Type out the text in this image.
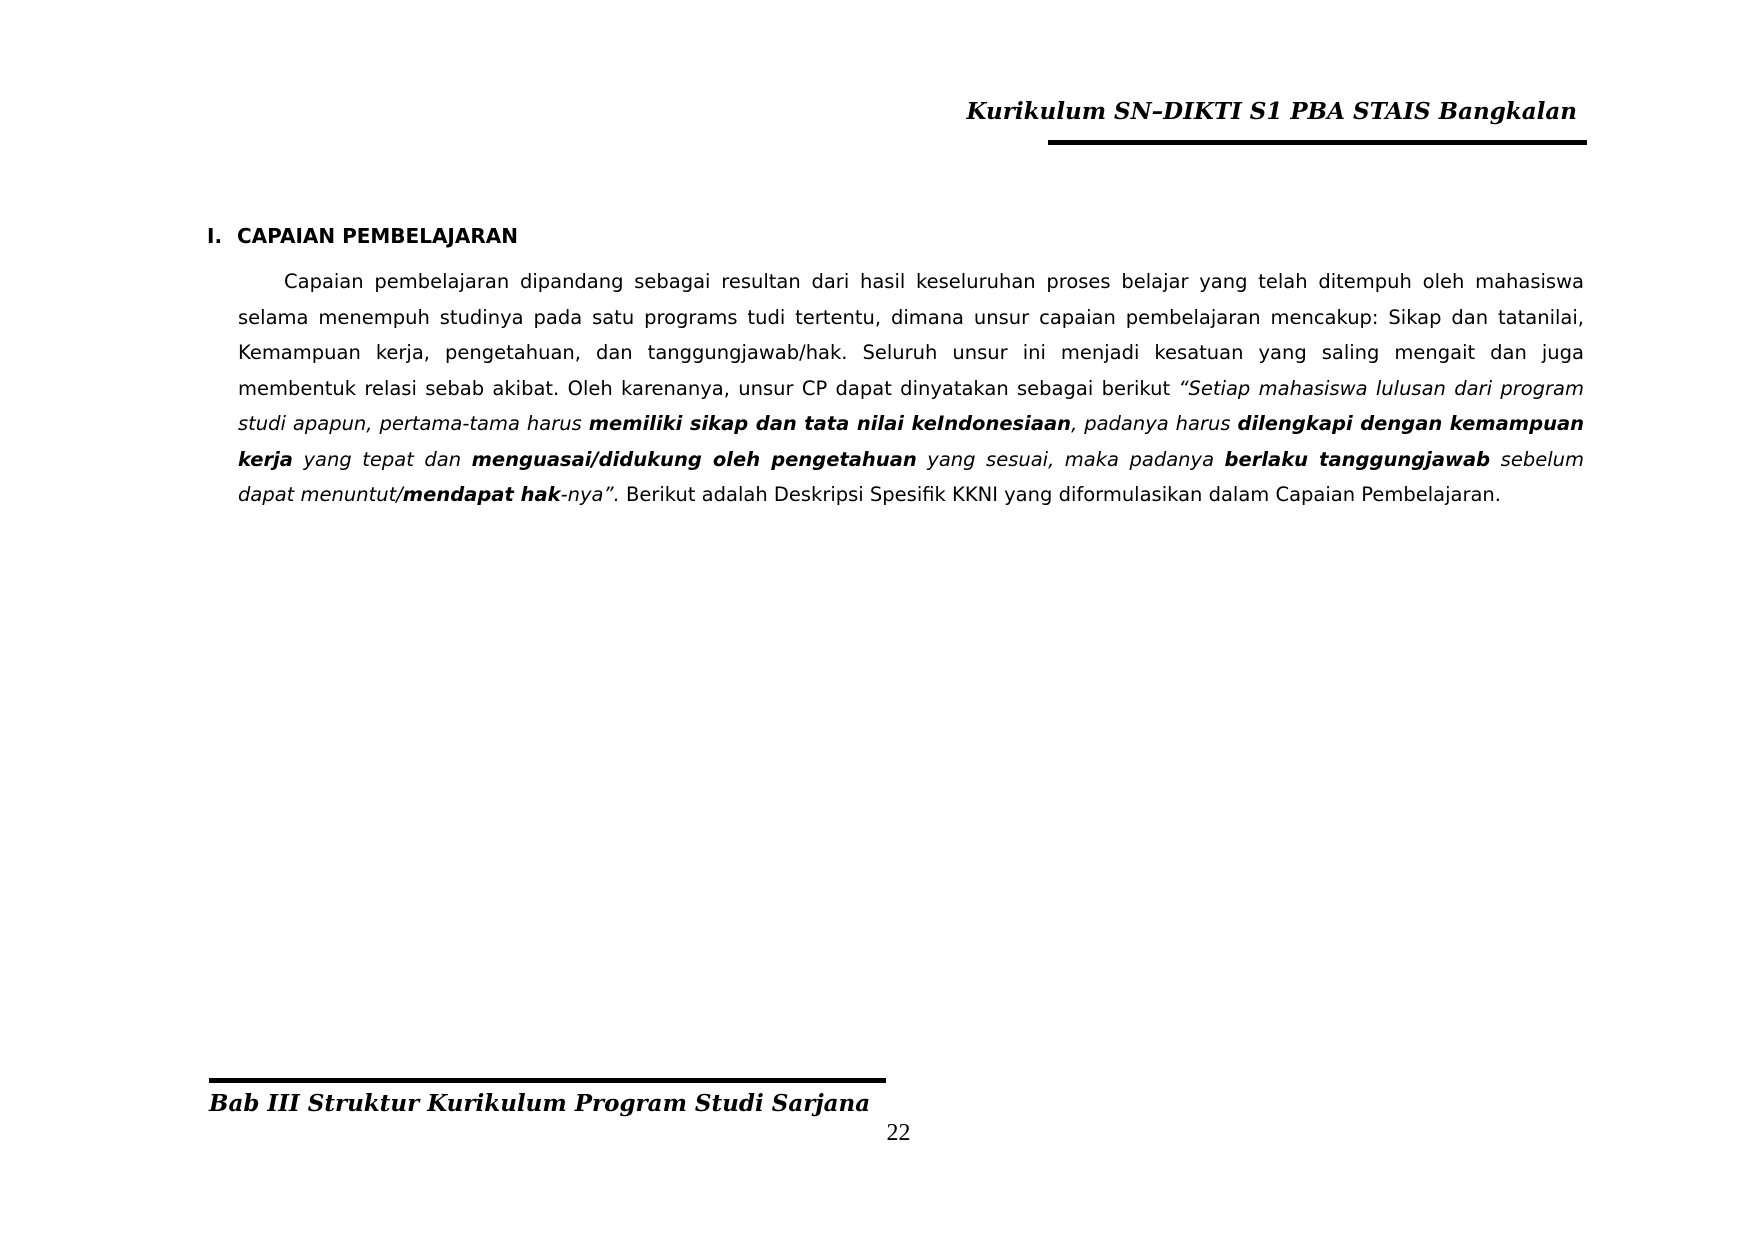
Kurikulum SN–DIKTI S1 PBA STAIS Bangkalan
I. CAPAIAN PEMBELAJARAN

Capaian pembelajaran dipandang sebagai resultan dari hasil keseluruhan proses belajar yang telah ditempuh oleh mahasiswa selama menempuh studinya pada satu programs tudi tertentu, dimana unsur capaian pembelajaran mencakup: Sikap dan tatanilai, Kemampuan kerja, pengetahuan, dan tanggungjawab/hak. Seluruh unsur ini menjadi kesatuan yang saling mengait dan juga membentuk relasi sebab akibat. Oleh karenanya, unsur CP dapat dinyatakan sebagai berikut “Setiap mahasiswa lulusan dari program studi apapun, pertama-tama harus memiliki sikap dan tata nilai keIndonesiaan, padanya harus dilengkapi dengan kemampuan kerja yang tepat dan menguasai/didukung oleh pengetahuan yang sesuai, maka padanya berlaku tanggungjawab sebelum dapat menuntut/mendapat hak-nya”. Berikut adalah Deskripsi Spesifik KKNI yang diformulasikan dalam Capaian Pembelajaran.

Bab III Struktur Kurikulum Program Studi Sarjana
22
